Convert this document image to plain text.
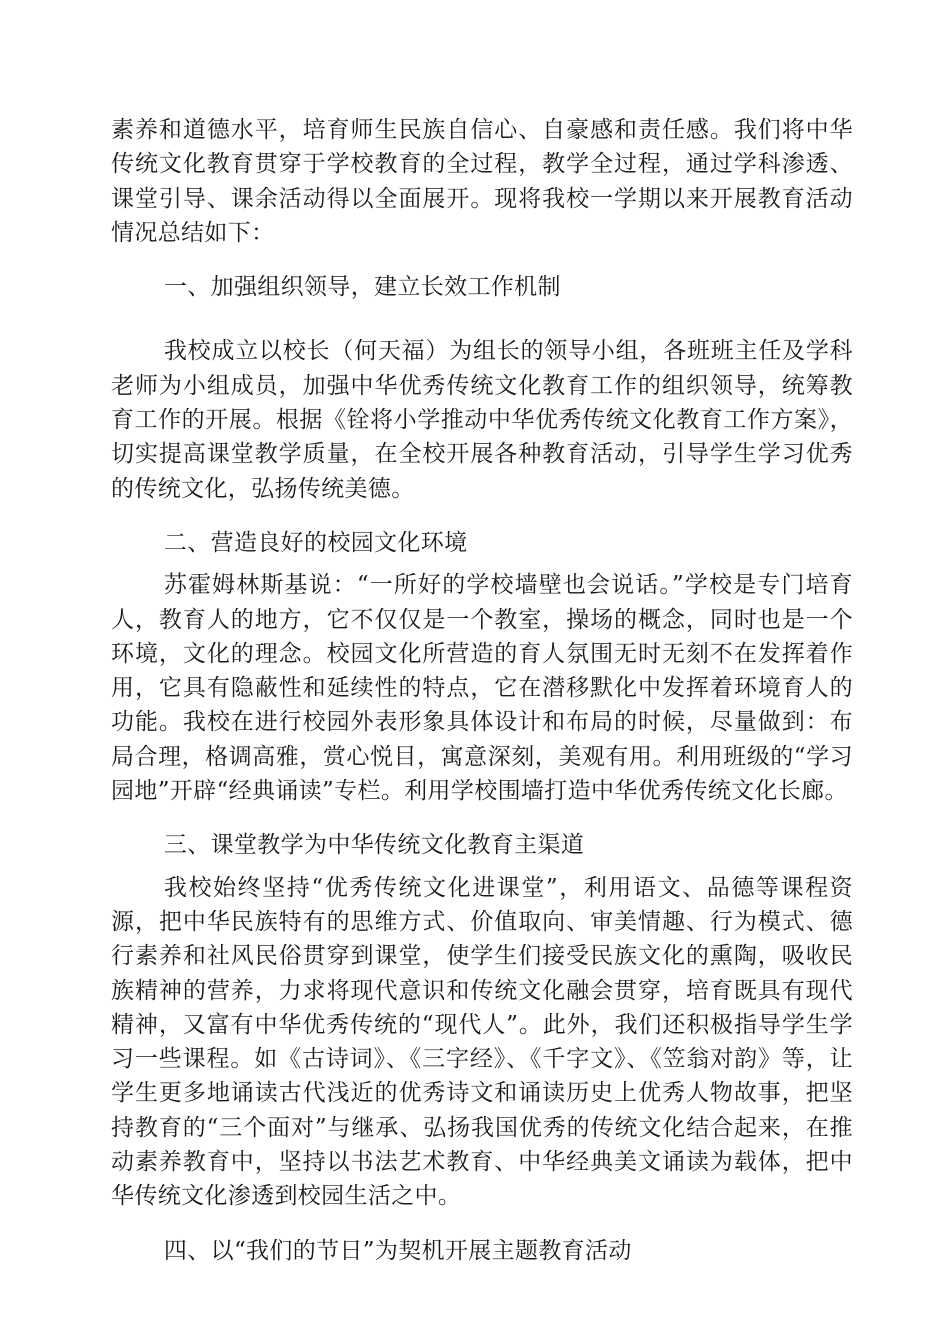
素养和道德水平，培育师生民族自信心、自豪感和责任感。我们将中华传统文化教育贯穿于学校教育的全过程，教学全过程，通过学科渗透、课堂引导、课余活动得以全面展开。现将我校一学期以来开展教育活动情况总结如下：

一、加强组织领导，建立长效工作机制

我校成立以校长（何天福）为组长的领导小组，各班班主任及学科老师为小组成员，加强中华优秀传统文化教育工作的组织领导，统筹教育工作的开展。根据《铨将小学推动中华优秀传统文化教育工作方案》，切实提高课堂教学质量，在全校开展各种教育活动，引导学生学习优秀的传统文化，弘扬传统美德。

二、营造良好的校园文化环境

苏霍姆林斯基说：“一所好的学校墙壁也会说话。”学校是专门培育人，教育人的地方，它不仅仅是一个教室，操场的概念，同时也是一个环境，文化的理念。校园文化所营造的育人氛围无时无刻不在发挥着作用，它具有隐蔽性和延续性的特点，它在潜移默化中发挥着环境育人的功能。我校在进行校园外表形象具体设计和布局的时候，尽量做到：布局合理，格调高雅，赏心悦目，寓意深刻，美观有用。利用班级的“学习园地”开辟“经典诵读”专栏。利用学校围墙打造中华优秀传统文化长廊。

三、课堂教学为中华传统文化教育主渠道

我校始终坚持“优秀传统文化进课堂”，利用语文、品德等课程资源，把中华民族特有的思维方式、价值取向、审美情趣、行为模式、德行素养和社风民俗贯穿到课堂，使学生们接受民族文化的熏陶，吸收民族精神的营养，力求将现代意识和传统文化融会贯穿，培育既具有现代精神，又富有中华优秀传统的“现代人”。此外，我们还积极指导学生学习一些课程。如《古诗词》、《三字经》、《千字文》、《笠翁对韵》等，让学生更多地诵读古代浅近的优秀诗文和诵读历史上优秀人物故事，把坚持教育的“三个面对”与继承、弘扬我国优秀的传统文化结合起来，在推动素养教育中，坚持以书法艺术教育、中华经典美文诵读为载体，把中华传统文化渗透到校园生活之中。

四、以“我们的节日”为契机开展主题教育活动
